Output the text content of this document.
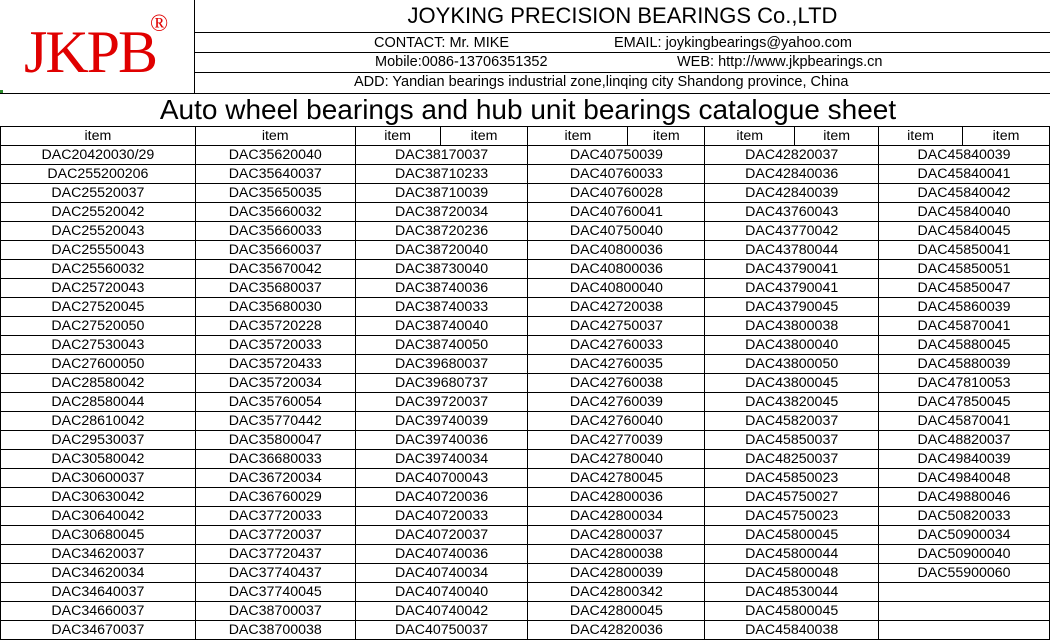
JKPB
®	JOYKING PRECISION BEARINGS Co.,LTD
CONTACT: Mr. MIKE	EMAIL: joykingbearings@yahoo.com
Mobile:0086-13706351352	WEB: http://www.jkpbearings.cn
ADD: Yandian bearings industrial zone,linqing city Shandong province, China
Auto wheel bearings and hub unit bearings catalogue sheet
item	item	item	item	item	item	item	item	item	item
DAC20420030/29	DAC35620040	DAC38170037		DAC40750039		DAC42820037		DAC45840039	
DAC255200206	DAC35640037	DAC38710233		DAC40760033		DAC42840036		DAC45840041	
DAC25520037	DAC35650035	DAC38710039		DAC40760028		DAC42840039		DAC45840042	
DAC25520042	DAC35660032	DAC38720034		DAC40760041		DAC43760043		DAC45840040	
DAC25520043	DAC35660033	DAC38720236		DAC40750040		DAC43770042		DAC45840045	
DAC25550043	DAC35660037	DAC38720040		DAC40800036		DAC43780044		DAC45850041	
DAC25560032	DAC35670042	DAC38730040		DAC40800036		DAC43790041		DAC45850051	
DAC25720043	DAC35680037	DAC38740036		DAC40800040		DAC43790041		DAC45850047	
DAC27520045	DAC35680030	DAC38740033		DAC42720038		DAC43790045		DAC45860039	
DAC27520050	DAC35720228	DAC38740040		DAC42750037		DAC43800038		DAC45870041	
DAC27530043	DAC35720033	DAC38740050		DAC42760033		DAC43800040		DAC45880045	
DAC27600050	DAC35720433	DAC39680037		DAC42760035		DAC43800050		DAC45880039	
DAC28580042	DAC35720034	DAC39680737		DAC42760038		DAC43800045		DAC47810053	
DAC28580044	DAC35760054	DAC39720037		DAC42760039		DAC43820045		DAC47850045	
DAC28610042	DAC35770442	DAC39740039		DAC42760040		DAC45820037		DAC45870041	
DAC29530037	DAC35800047	DAC39740036		DAC42770039		DAC45850037		DAC48820037	
DAC30580042	DAC36680033	DAC39740034		DAC42780040		DAC48250037		DAC49840039	
DAC30600037	DAC36720034	DAC40700043		DAC42780045		DAC45850023		DAC49840048	
DAC30630042	DAC36760029	DAC40720036		DAC42800036		DAC45750027		DAC49880046	
DAC30640042	DAC37720033	DAC40720033		DAC42800034		DAC45750023		DAC50820033	
DAC30680045	DAC37720037	DAC40720037		DAC42800037		DAC45800045		DAC50900034	
DAC34620037	DAC37720437	DAC40740036		DAC42800038		DAC45800044		DAC50900040	
DAC34620034	DAC37740437	DAC40740034		DAC42800039		DAC45800048		DAC55900060	
DAC34640037	DAC37740045	DAC40740040		DAC42800342		DAC48530044			
DAC34660037	DAC38700037	DAC40740042		DAC42800045		DAC45800045			
DAC34670037	DAC38700038	DAC40750037		DAC42820036		DAC45840038			
